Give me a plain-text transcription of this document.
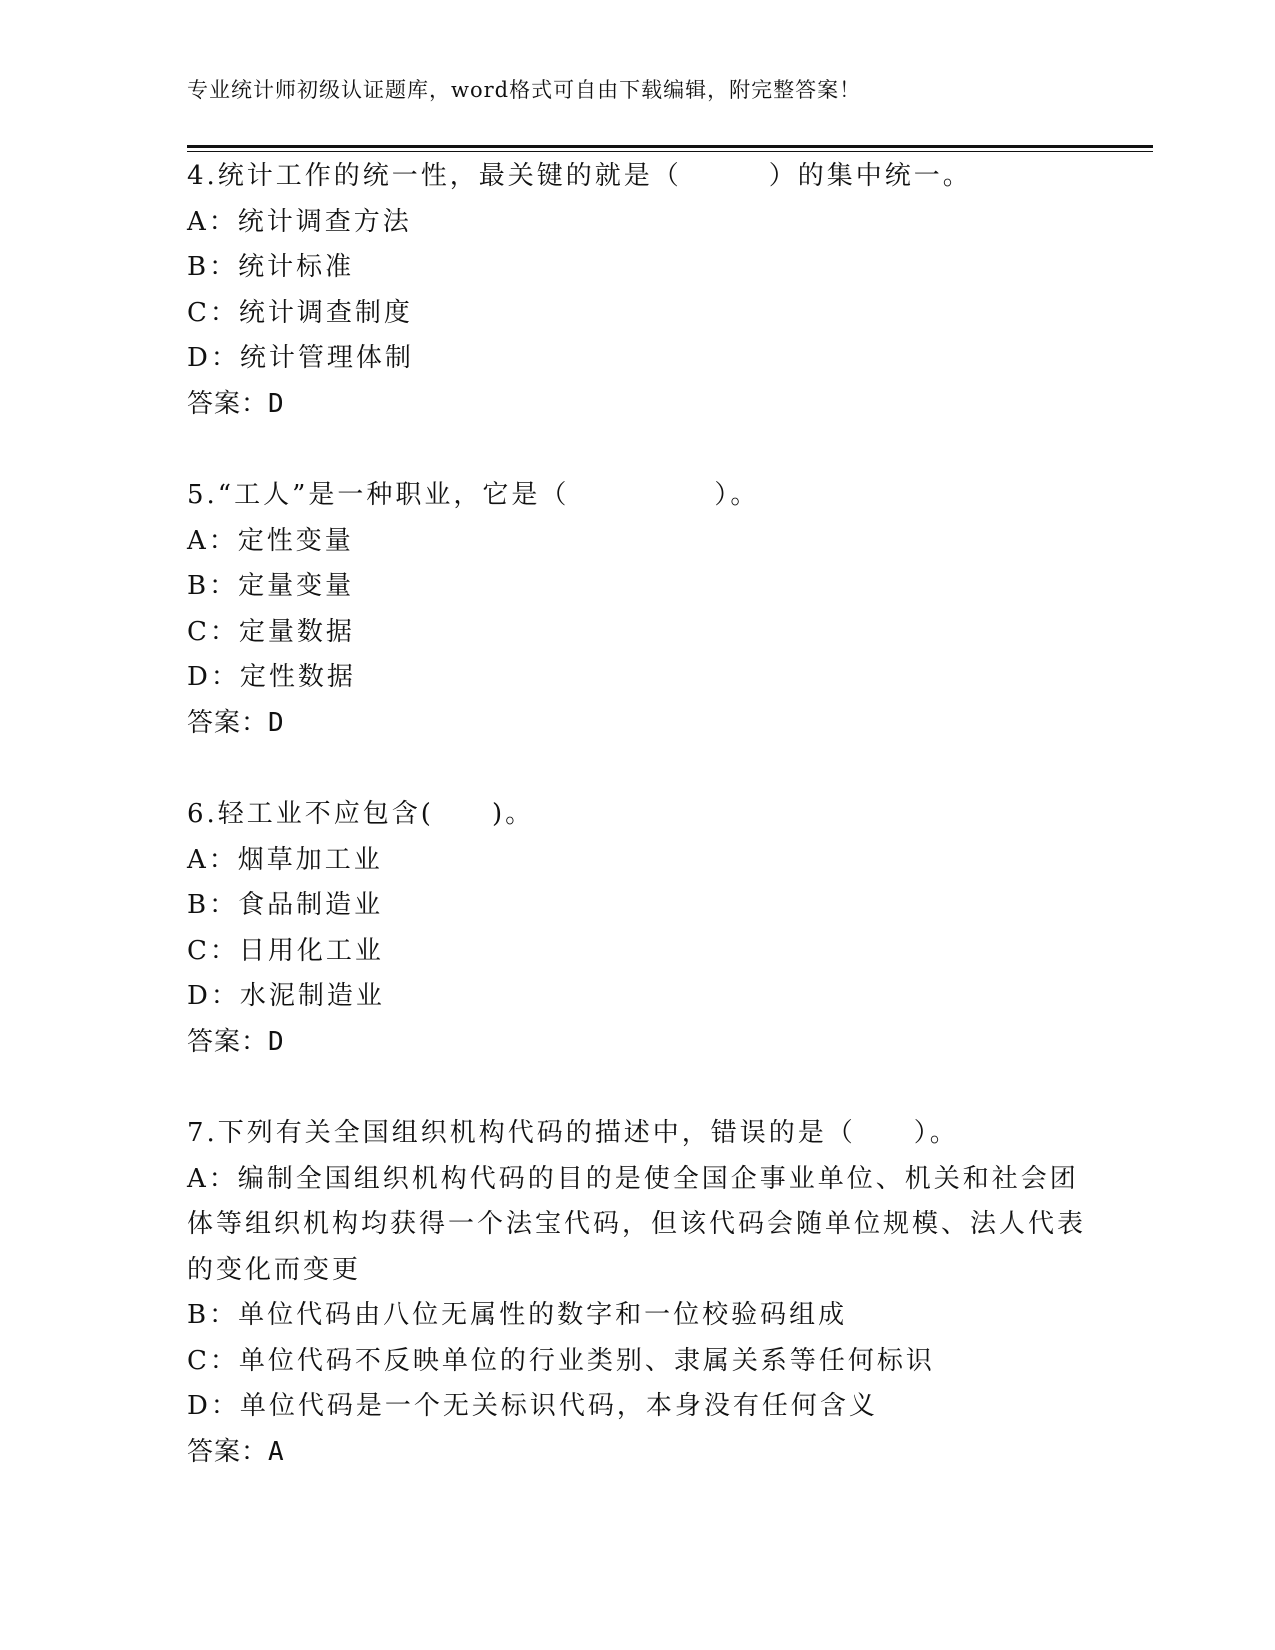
专业统计师初级认证题库，word格式可自由下载编辑，附完整答案！
4.统计工作的统一性，最关键的就是（　　　）的集中统一。
A：统计调查方法
B：统计标准
C：统计调查制度
D：统计管理体制
答案：D
5.“工人”是一种职业，它是（　　　　　）。
A：定性变量
B：定量变量
C：定量数据
D：定性数据
答案：D
6.轻工业不应包含(　　)。
A：烟草加工业
B：食品制造业
C：日用化工业
D：水泥制造业
答案：D
7.下列有关全国组织机构代码的描述中，错误的是（　　）。
A：编制全国组织机构代码的目的是使全国企事业单位、机关和社会团体等组织机构均获得一个法宝代码，但该代码会随单位规模、法人代表的变化而变更
B：单位代码由八位无属性的数字和一位校验码组成
C：单位代码不反映单位的行业类别、隶属关系等任何标识
D：单位代码是一个无关标识代码，本身没有任何含义
答案：A
